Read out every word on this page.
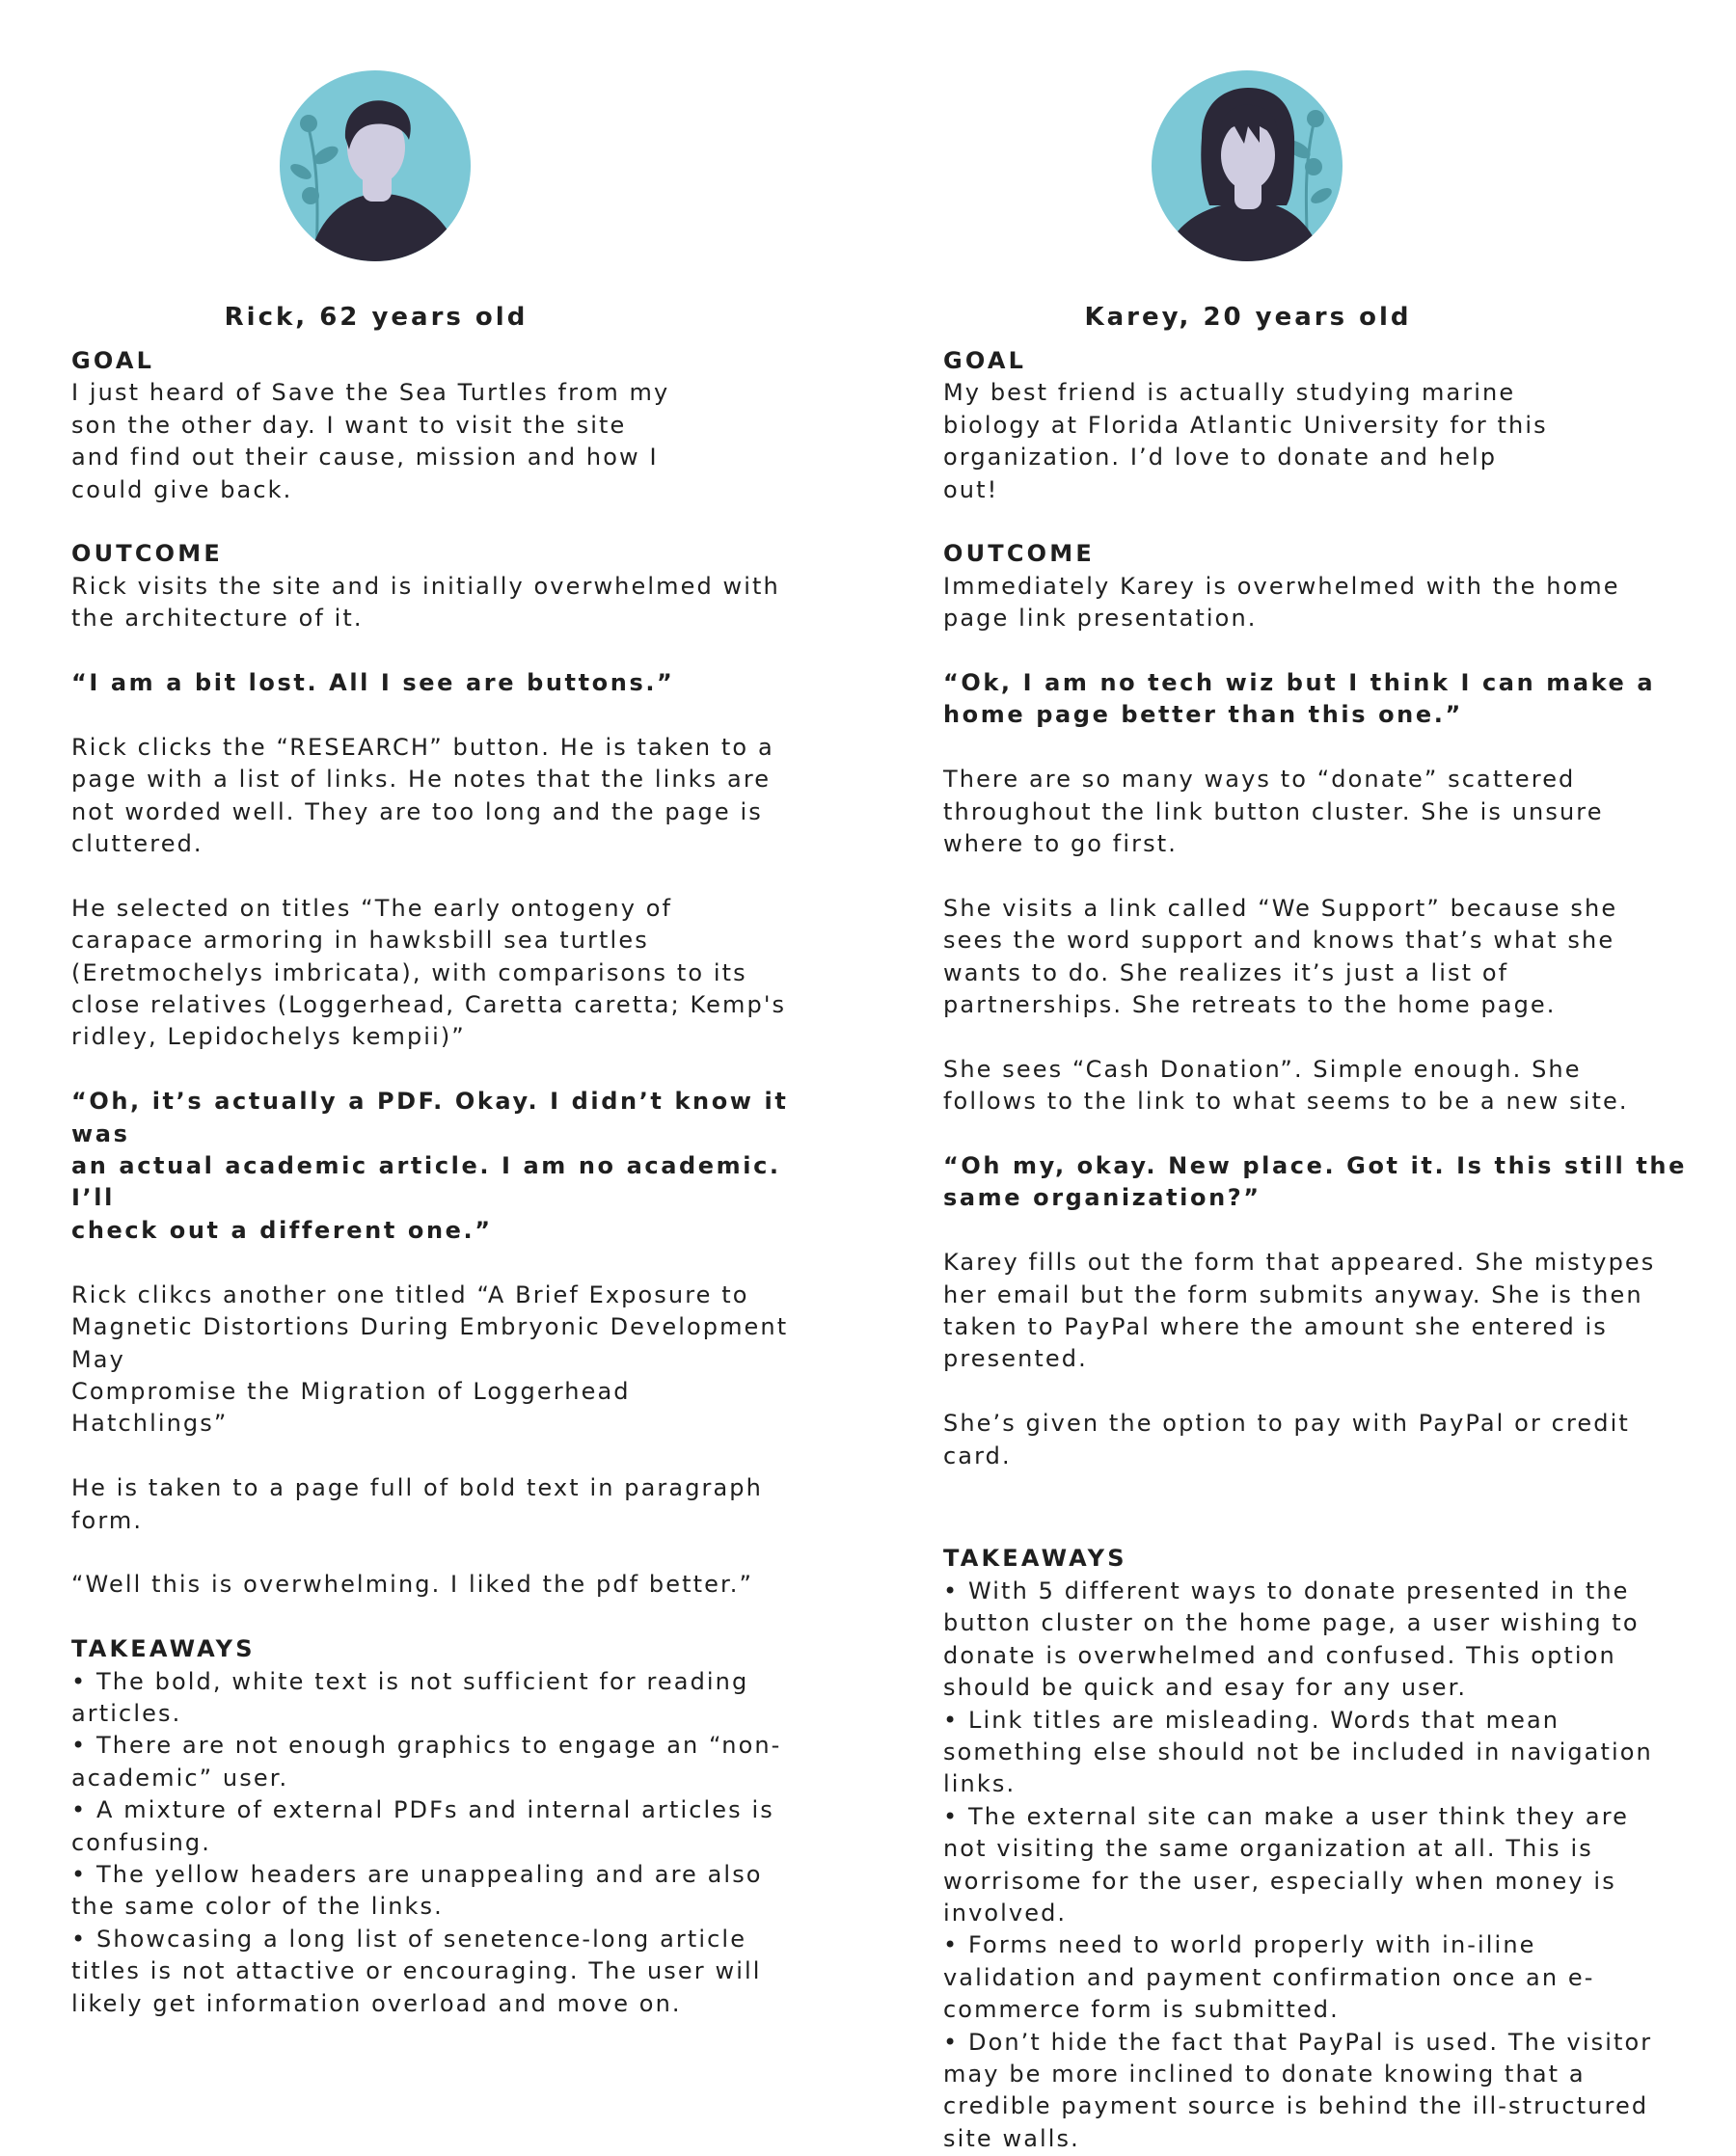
Rick, 62 years old
GOAL
I just heard of Save the Sea Turtles from my
son the other day. I want to visit the site
and find out their cause, mission and how I
could give back.
OUTCOME
Rick visits the site and is initially overwhelmed with
the architecture of it.
“I am a bit lost. All I see are buttons.”
Rick clicks the “RESEARCH” button. He is taken to a
page with a list of links. He notes that the links are
not worded well. They are too long and the page is
cluttered.
He selected on titles “The early ontogeny of
carapace armoring in hawksbill sea turtles
(Eretmochelys imbricata), with comparisons to its
close relatives (Loggerhead, Caretta caretta; Kemp's
ridley, Lepidochelys kempii)”
“Oh, it’s actually a PDF. Okay. I didn’t know it was
an actual academic article. I am no academic. I’ll
check out a different one.”
Rick clikcs another one titled “A Brief Exposure to
Magnetic Distortions During Embryonic Development
May
Compromise the Migration of Loggerhead
Hatchlings”
He is taken to a page full of bold text in paragraph
form.
“Well this is overwhelming. I liked the pdf better.”
TAKEAWAYS
• The bold, white text is not sufficient for reading
articles.
• There are not enough graphics to engage an “non-
academic” user.
• A mixture of external PDFs and internal articles is
confusing.
• The yellow headers are unappealing and are also
the same color of the links.
• Showcasing a long list of senetence-long article
titles is not attactive or encouraging. The user will
likely get information overload and move on.
Karey, 20 years old
GOAL
My best friend is actually studying marine
biology at Florida Atlantic University for this
organization. I’d love to donate and help
out!
OUTCOME
Immediately Karey is overwhelmed with the home
page link presentation.
“Ok, I am no tech wiz but I think I can make a
home page better than this one.”
There are so many ways to “donate” scattered
throughout the link button cluster. She is unsure
where to go first.
She visits a link called “We Support” because she
sees the word support and knows that’s what she
wants to do. She realizes it’s just a list of
partnerships. She retreats to the home page.
She sees “Cash Donation”. Simple enough. She
follows to the link to what seems to be a new site.
“Oh my, okay. New place. Got it. Is this still the
same organization?”
Karey fills out the form that appeared. She mistypes
her email but the form submits anyway. She is then
taken to PayPal where the amount she entered is
presented.
She’s given the option to pay with PayPal or credit
card.
TAKEAWAYS
• With 5 different ways to donate presented in the
button cluster on the home page, a user wishing to
donate is overwhelmed and confused. This option
should be quick and esay for any user.
• Link titles are misleading. Words that mean
something else should not be included in navigation
links.
• The external site can make a user think they are
not visiting the same organization at all. This is
worrisome for the user, especially when money is
involved.
• Forms need to world properly with in-iline
validation and payment confirmation once an e-
commerce form is submitted.
• Don’t hide the fact that PayPal is used. The visitor
may be more inclined to donate knowing that a
credible payment source is behind the ill-structured
site walls.
